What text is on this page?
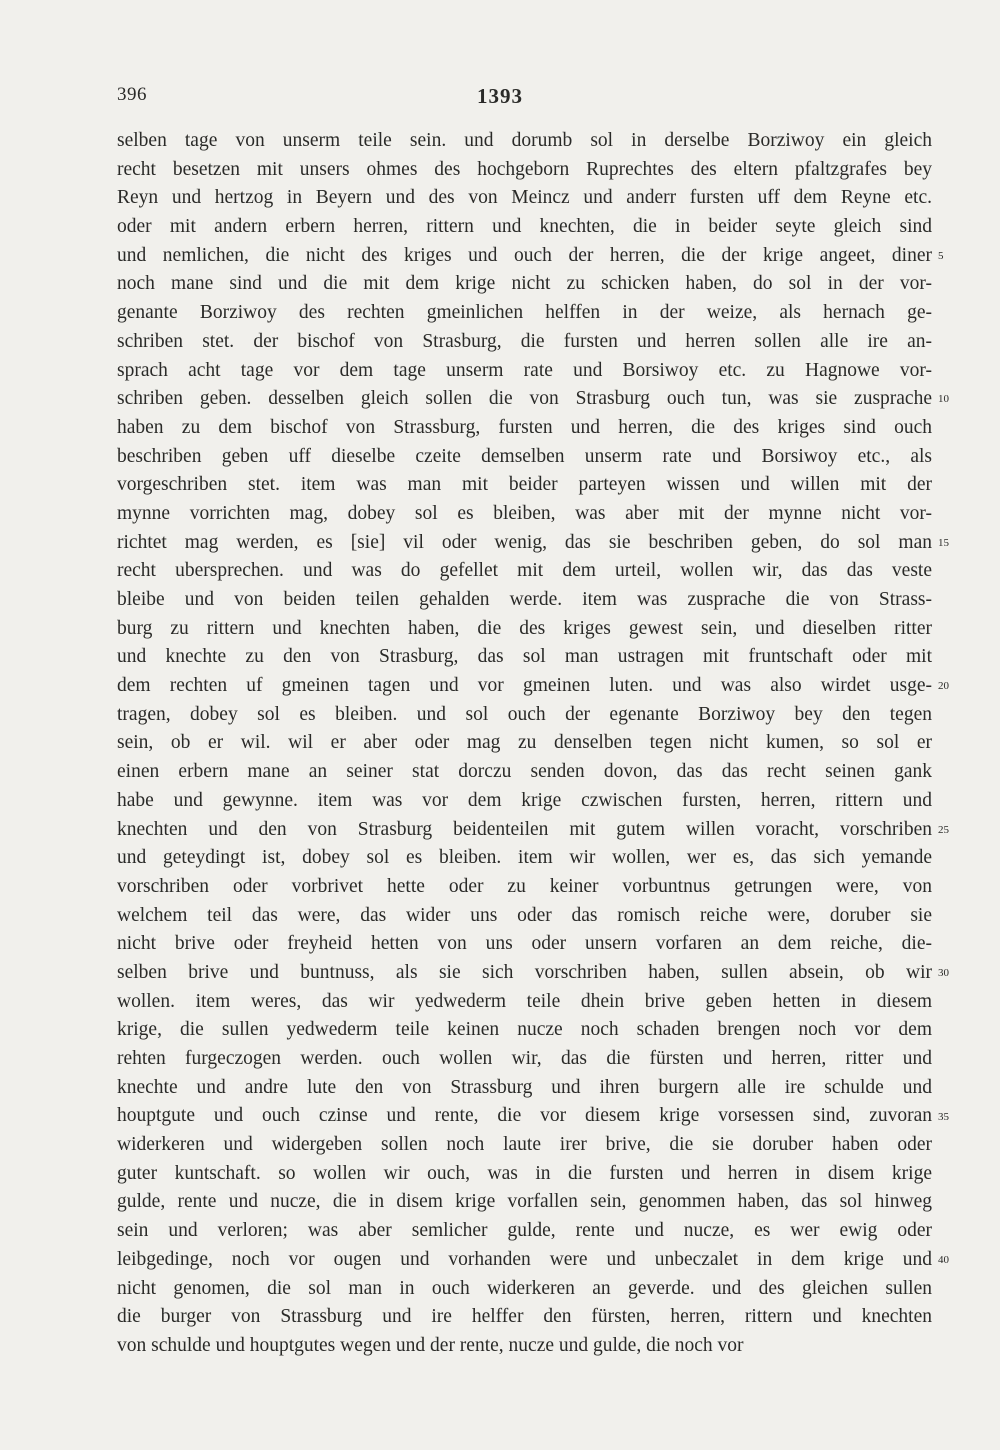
396	1393
selben tage von unserm teile sein. und dorumb sol in derselbe Borziwoy ein gleich
recht besetzen mit unsers ohmes des hochgeborn Ruprechtes des eltern pfaltzgrafes bey
Reyn und hertzog in Beyern und des von Meincz und anderr fursten uff dem Reyne etc.
oder mit andern erbern herren, rittern und knechten, die in beider seyte gleich sind
und nemlichen, die nicht des kriges und ouch der herren, die der krige angeet, diner
noch mane sind und die mit dem krige nicht zu schicken haben, do sol in der vor-
genante Borziwoy des rechten gmeinlichen helffen in der weize, als hernach ge-
schriben stet. der bischof von Strasburg, die fursten und herren sollen alle ire an-
sprach acht tage vor dem tage unserm rate und Borsiwoy etc. zu Hagnowe vor-
schriben geben. desselben gleich sollen die von Strasburg ouch tun, was sie zusprache
haben zu dem bischof von Strassburg, fursten und herren, die des kriges sind ouch
beschriben geben uff dieselbe czeite demselben unserm rate und Borsiwoy etc., als
vorgeschriben stet. item was man mit beider parteyen wissen und willen mit der
mynne vorrichten mag, dobey sol es bleiben, was aber mit der mynne nicht vor-
richtet mag werden, es [sie] vil oder wenig, das sie beschriben geben, do sol man
recht ubersprechen. und was do gefellet mit dem urteil, wollen wir, das das veste
bleibe und von beiden teilen gehalden werde. item was zusprache die von Strass-
burg zu rittern und knechten haben, die des kriges gewest sein, und dieselben ritter
und knechte zu den von Strasburg, das sol man ustragen mit fruntschaft oder mit
dem rechten uf gmeinen tagen und vor gmeinen luten. und was also wirdet usge-
tragen, dobey sol es bleiben. und sol ouch der egenante Borziwoy bey den tegen
sein, ob er wil. wil er aber oder mag zu denselben tegen nicht kumen, so sol er
einen erbern mane an seiner stat dorczu senden dovon, das das recht seinen gank
habe und gewynne. item was vor dem krige czwischen fursten, herren, rittern und
knechten und den von Strasburg beidenteilen mit gutem willen voracht, vorschriben
und geteydingt ist, dobey sol es bleiben. item wir wollen, wer es, das sich yemande
vorschriben oder vorbrivet hette oder zu keiner vorbuntnus getrungen were, von
welchem teil das were, das wider uns oder das romisch reiche were, doruber sie
nicht brive oder freyheid hetten von uns oder unsern vorfaren an dem reiche, die-
selben brive und buntnuss, als sie sich vorschriben haben, sullen absein, ob wir
wollen. item weres, das wir yedwederm teile dhein brive geben hetten in diesem
krige, die sullen yedwederm teile keinen nucze noch schaden brengen noch vor dem
rehten furgeczogen werden. ouch wollen wir, das die fürsten und herren, ritter und
knechte und andre lute den von Strassburg und ihren burgern alle ire schulde und
houptgute und ouch czinse und rente, die vor diesem krige vorsessen sind, zuvoran
widerkeren und widergeben sollen noch laute irer brive, die sie doruber haben oder
guter kuntschaft. so wollen wir ouch, was in die fursten und herren in disem krige
gulde, rente und nucze, die in disem krige vorfallen sein, genommen haben, das sol hinweg
sein und verloren; was aber semlicher gulde, rente und nucze, es wer ewig oder
leibgedinge, noch vor ougen und vorhanden were und unbeczalet in dem krige und
nicht genomen, die sol man in ouch widerkeren an geverde. und des gleichen sullen
die burger von Strassburg und ire helffer den fürsten, herren, rittern und knechten
von schulde und houptgutes wegen und der rente, nucze und gulde, die noch vor
5
10
15
20
25
30
35
40
